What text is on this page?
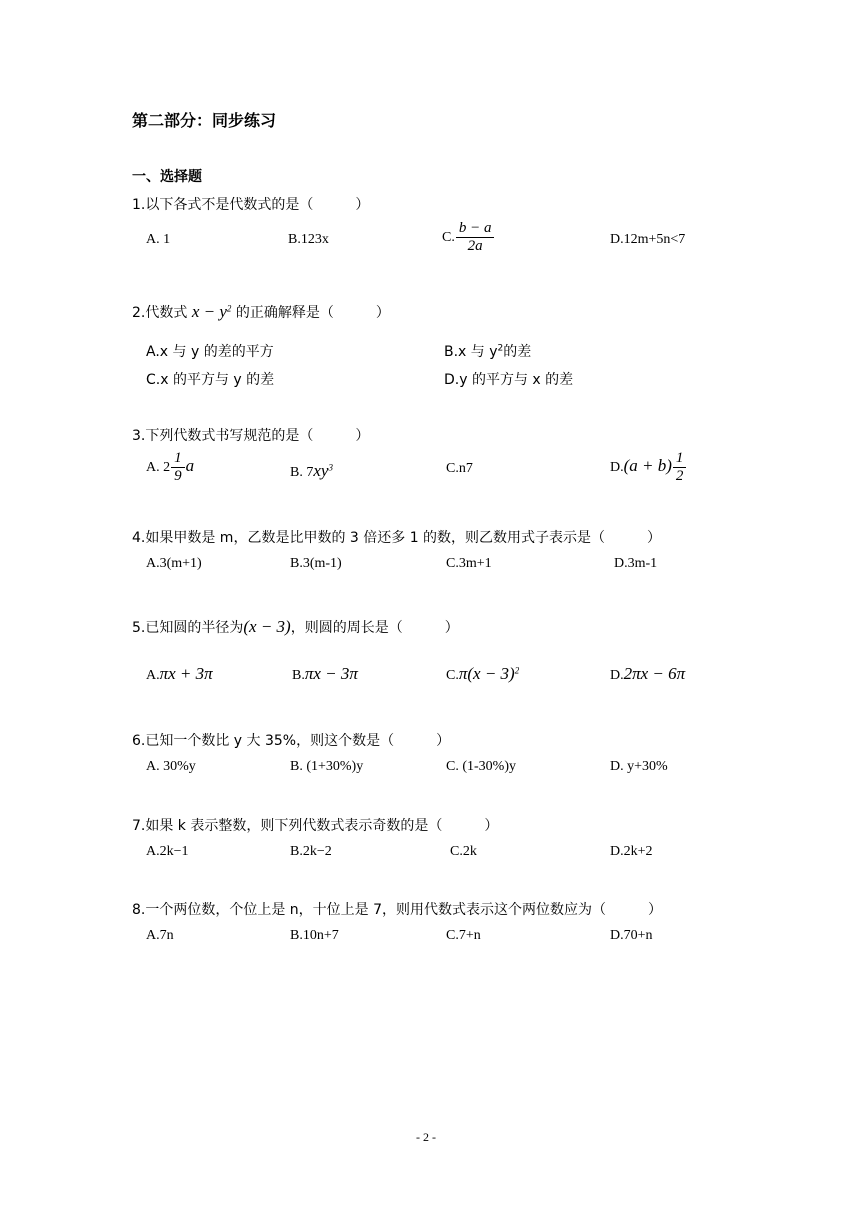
第二部分：同步练习
一、选择题
1.以下各式不是代数式的是（　　　）
A. 1	B.123x	C. $\frac{b - a}{2a}$	D.12m+5n<7
2.代数式 $x - y^2$ 的正确解释是（　　　）
A.x 与 y 的差的平方	B.x 与 $y^2$的差
C.x 的平方与 y 的差	D.y 的平方与 x 的差
3.下列代数式书写规范的是（　　　）
A. $2 \frac{1}{9}$ a	B. $7xy^3$	C.n7	$D.(a + b) \frac{1}{2}$
4.如果甲数是 m，乙数是比甲数的 3 倍还多 1 的数，则乙数用式子表示是（　　　）
A.3(m+1)	B.3(m-1)	C.3m+1	D.3m-1
5.已知圆的半径为(x − 3)，则圆的周长是（　　　）
A.πx + 3π	B.πx − 3π	$C.\pi(x - 3)^2$	D.2πx − 6π
6.已知一个数比 y 大 35%，则这个数是（　　　）
A. 30%y	B. (1+30%)y	C. (1-30%)y	D. y+30%
7.如果 k 表示整数，则下列代数式表示奇数的是（　　　）
A.2k−1	B.2k−2	C.2k	D.2k+2
8.一个两位数，个位上是 n，十位上是 7，则用代数式表示这个两位数应为（　　　）
A.7n	B.10n+7	C.7+n	D.70+n
- 2 -
